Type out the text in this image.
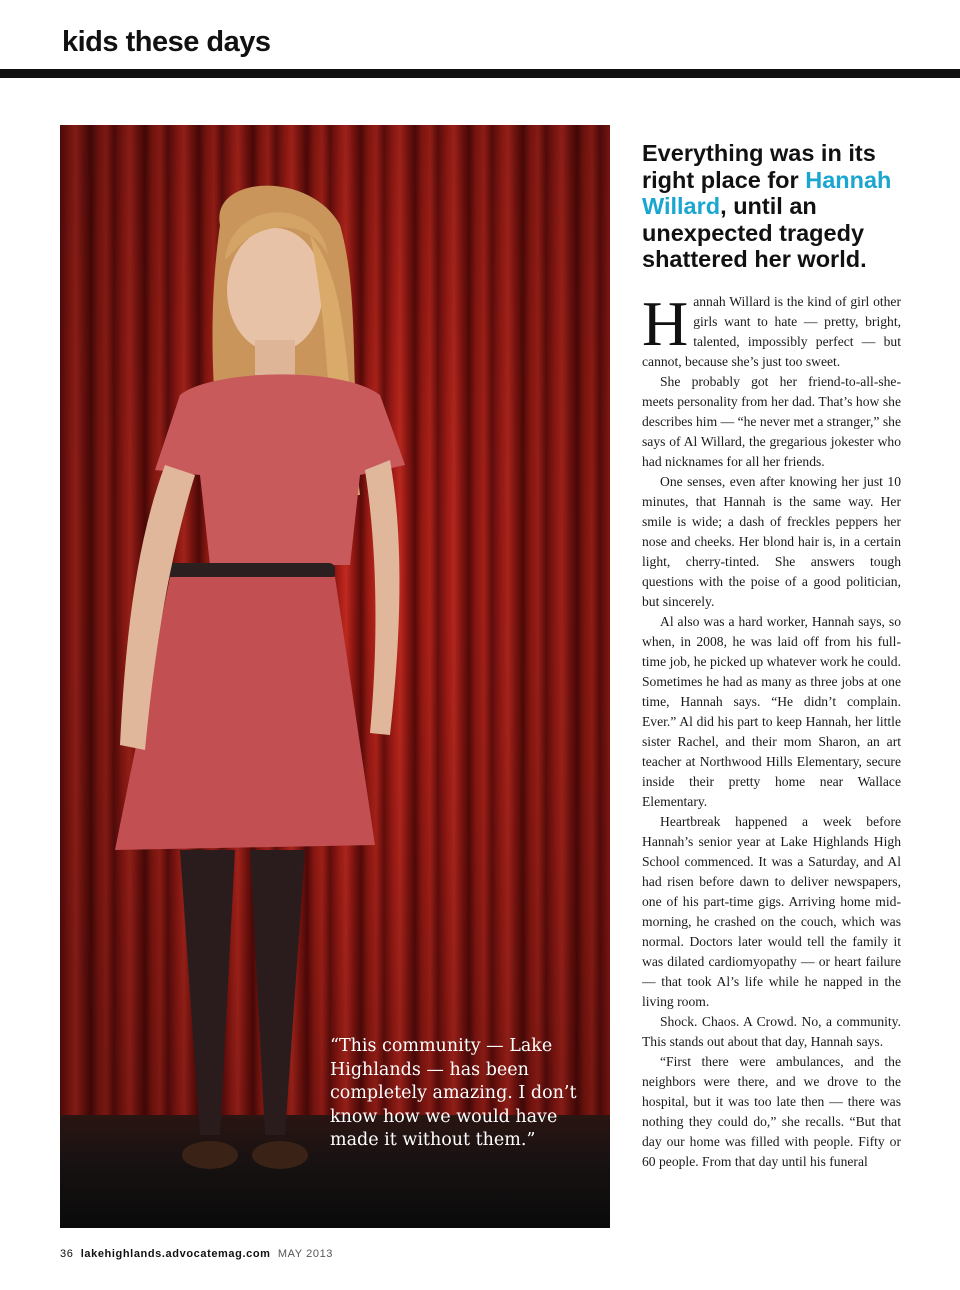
kids these days
“This community — Lake Highlands — has been completely amazing. I don’t know how we would have made it without them.”
Everything was in its right place for Hannah Willard, until an unexpected tragedy shattered her world.

Hannah Willard is the kind of girl other girls want to hate — pretty, bright, talented, impossibly perfect — but cannot, because she’s just too sweet.

She probably got her friend-to-all-she-meets personality from her dad. That’s how she describes him — “he never met a stranger,” she says of Al Willard, the gregarious jokester who had nicknames for all her friends.

One senses, even after knowing her just 10 minutes, that Hannah is the same way. Her smile is wide; a dash of freckles peppers her nose and cheeks. Her blond hair is, in a certain light, cherry-tinted. She answers tough questions with the poise of a good politician, but sincerely.

Al also was a hard worker, Hannah says, so when, in 2008, he was laid off from his full-time job, he picked up whatever work he could. Sometimes he had as many as three jobs at one time, Hannah says. “He didn’t complain. Ever.” Al did his part to keep Hannah, her little sister Rachel, and their mom Sharon, an art teacher at Northwood Hills Elementary, secure inside their pretty home near Wallace Elementary.

Heartbreak happened a week before Hannah’s senior year at Lake Highlands High School commenced. It was a Saturday, and Al had risen before dawn to deliver newspapers, one of his part-time gigs. Arriving home mid-morning, he crashed on the couch, which was normal. Doctors later would tell the family it was dilated cardiomyopathy — or heart failure — that took Al’s life while he napped in the living room.

Shock. Chaos. A Crowd. No, a community. This stands out about that day, Hannah says.

“First there were ambulances, and the neighbors were there, and we drove to the hospital, but it was too late then — there was nothing they could do,” she recalls. “But that day our home was filled with people. Fifty or 60 people. From that day until his funeral

36 lakehighlands.advocatemag.com MAY 2013
